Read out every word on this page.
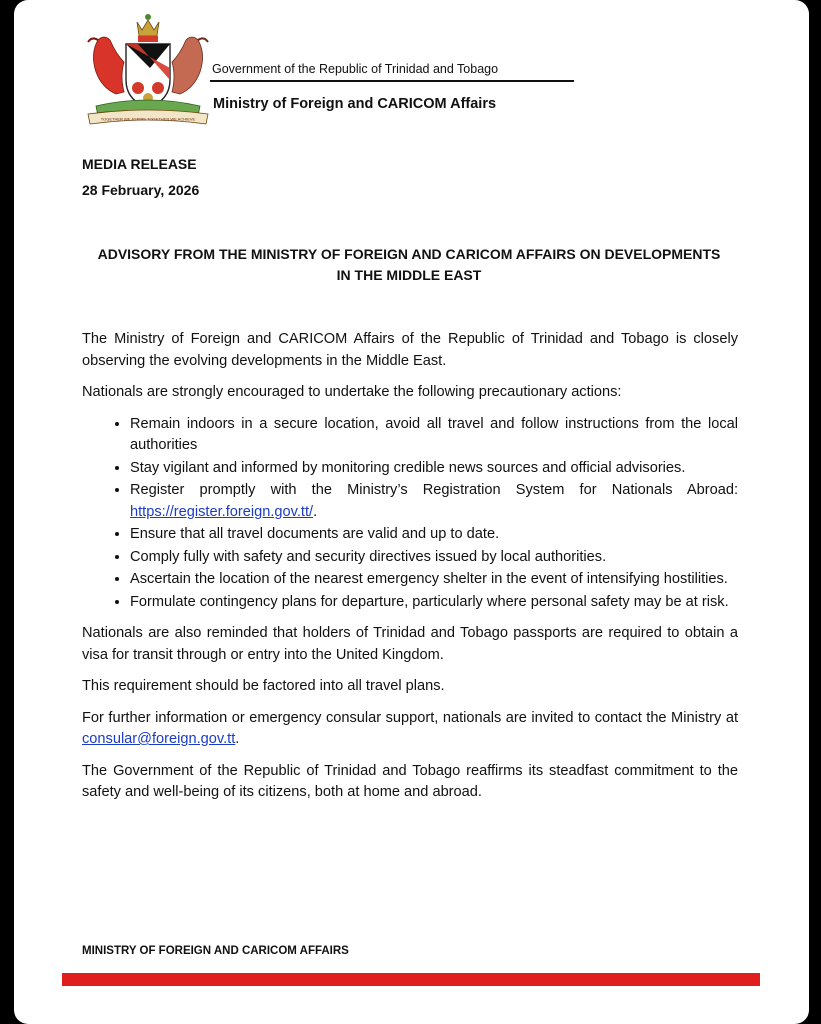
TOGETHER WE ASPIRE TOGETHER WE ACHIEVE
Government of the Republic of Trinidad and Tobago
Ministry of Foreign and CARICOM Affairs
MEDIA RELEASE
28 February, 2026
ADVISORY FROM THE MINISTRY OF FOREIGN AND CARICOM AFFAIRS ON DEVELOPMENTS IN THE MIDDLE EAST

The Ministry of Foreign and CARICOM Affairs of the Republic of Trinidad and Tobago is closely observing the evolving developments in the Middle East.

Nationals are strongly encouraged to undertake the following precautionary actions:

• Remain indoors in a secure location, avoid all travel and follow instructions from the local authorities
• Stay vigilant and informed by monitoring credible news sources and official advisories.
• Register promptly with the Ministry’s Registration System for Nationals Abroad: https://register.foreign.gov.tt/.
• Ensure that all travel documents are valid and up to date.
• Comply fully with safety and security directives issued by local authorities.
• Ascertain the location of the nearest emergency shelter in the event of intensifying hostilities.
• Formulate contingency plans for departure, particularly where personal safety may be at risk.

Nationals are also reminded that holders of Trinidad and Tobago passports are required to obtain a visa for transit through or entry into the United Kingdom.

This requirement should be factored into all travel plans.

For further information or emergency consular support, nationals are invited to contact the Ministry at consular@foreign.gov.tt.

The Government of the Republic of Trinidad and Tobago reaffirms its steadfast commitment to the safety and well-being of its citizens, both at home and abroad.

MINISTRY OF FOREIGN AND CARICOM AFFAIRS
